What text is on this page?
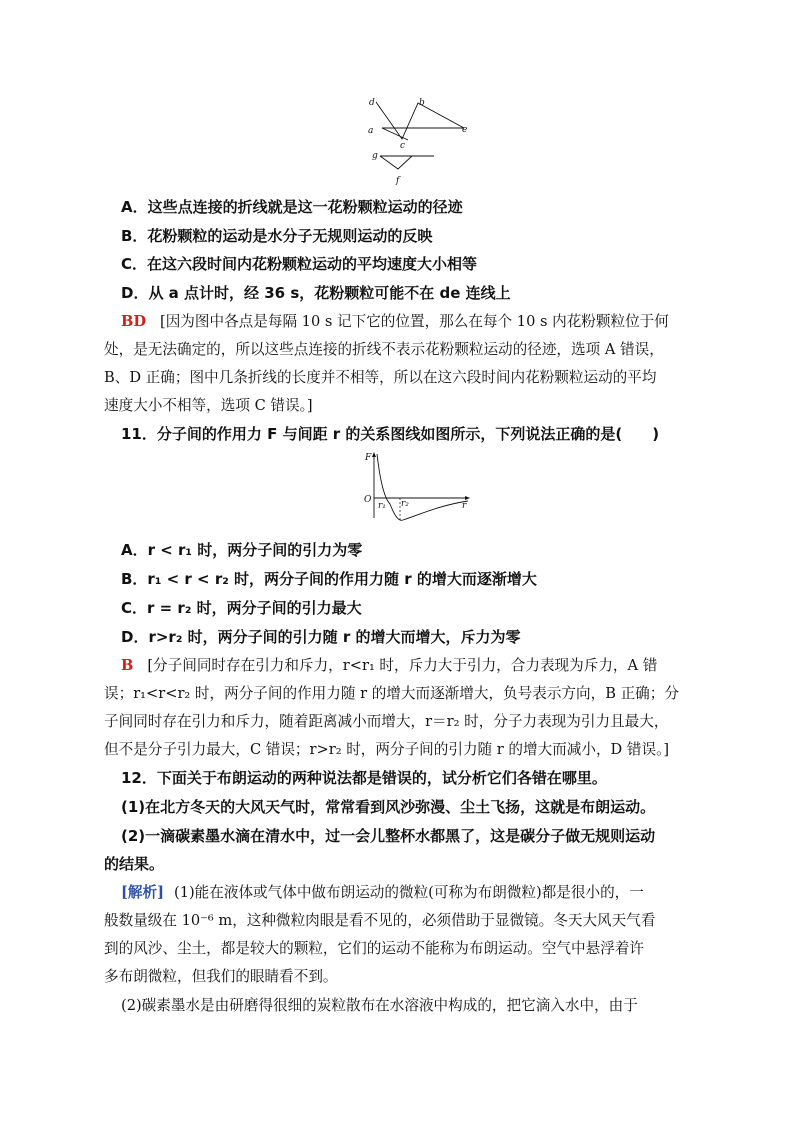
d	b
a
c
e
g
f
A．这些点连接的折线就是这一花粉颗粒运动的径迹
B．花粉颗粒的运动是水分子无规则运动的反映
C．在这六段时间内花粉颗粒运动的平均速度大小相等
D．从 a 点计时，经 36 s，花粉颗粒可能不在 de 连线上
BD [因为图中各点是每隔 10 s 记下它的位置，那么在每个 10 s 内花粉颗粒位于何
处，是无法确定的，所以这些点连接的折线不表示花粉颗粒运动的径迹，选项 A 错误，
B、D 正确；图中几条折线的长度并不相等，所以在这六段时间内花粉颗粒运动的平均
速度大小不相等，选项 C 错误。]
11．分子间的作用力 F 与间距 r 的关系图线如图所示，下列说法正确的是(　　)
F
O
r₁ r₂	r
A．r < r₁ 时，两分子间的引力为零
B．r₁ < r < r₂ 时，两分子间的作用力随 r 的增大而逐渐增大
C．r = r₂ 时，两分子间的引力最大
D．r>r₂ 时，两分子间的引力随 r 的增大而增大，斥力为零
B [分子间同时存在引力和斥力，r<r₁ 时，斥力大于引力，合力表现为斥力，A 错
误；r₁<r<r₂ 时，两分子间的作用力随 r 的增大而逐渐增大，负号表示方向，B 正确；分
子间同时存在引力和斥力，随着距离减小而增大，r＝r₂ 时，分子力表现为引力且最大，
但不是分子引力最大，C 错误；r>r₂ 时，两分子间的引力随 r 的增大而减小，D 错误。]
12．下面关于布朗运动的两种说法都是错误的，试分析它们各错在哪里。
(1)在北方冬天的大风天气时，常常看到风沙弥漫、尘土飞扬，这就是布朗运动。
(2)一滴碳素墨水滴在清水中，过一会儿整杯水都黑了，这是碳分子做无规则运动
的结果。
[解析] (1)能在液体或气体中做布朗运动的微粒(可称为布朗微粒)都是很小的，一
般数量级在 10⁻⁶ m，这种微粒肉眼是看不见的，必须借助于显微镜。冬天大风天气看
到的风沙、尘土，都是较大的颗粒，它们的运动不能称为布朗运动。空气中悬浮着许
多布朗微粒，但我们的眼睛看不到。
(2)碳素墨水是由研磨得很细的炭粒散布在水溶液中构成的，把它滴入水中，由于
